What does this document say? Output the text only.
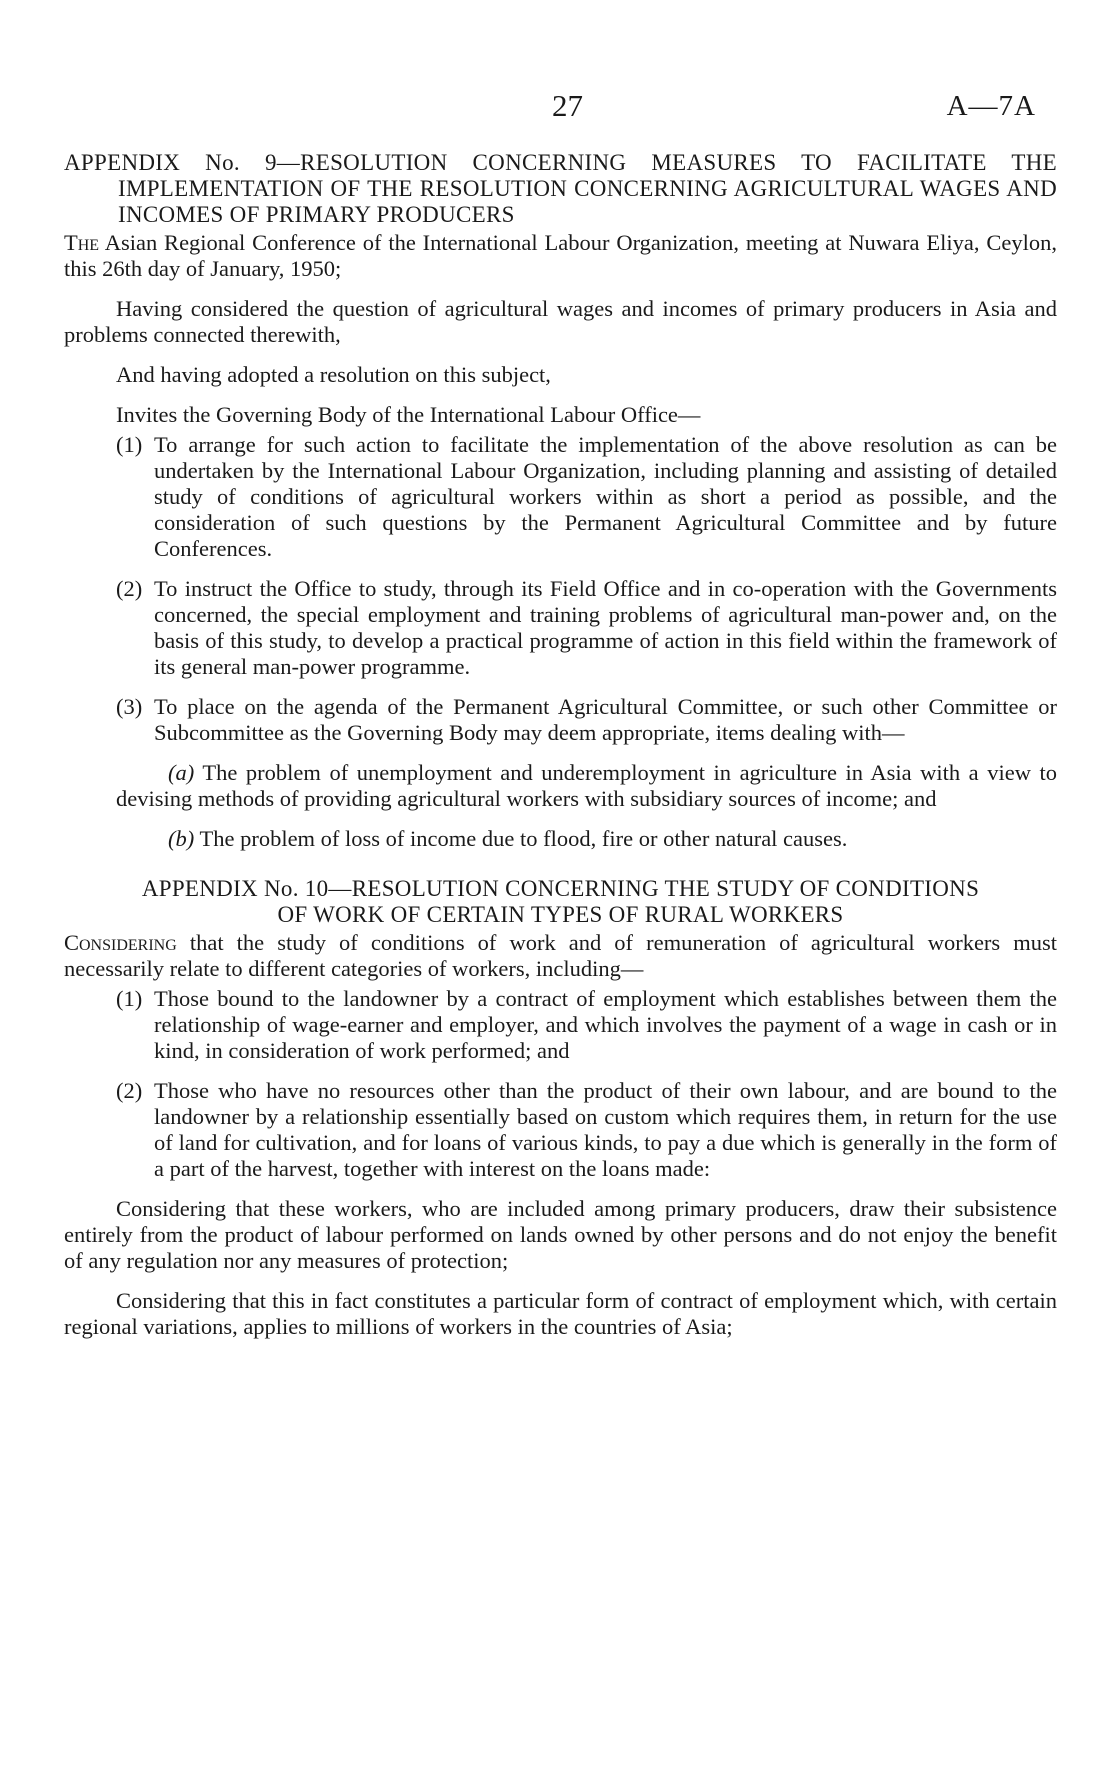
27	A—7A
APPENDIX No. 9—RESOLUTION CONCERNING MEASURES TO FACILITATE THE IMPLEMENTATION OF THE RESOLUTION CONCERNING AGRICULTURAL WAGES AND INCOMES OF PRIMARY PRODUCERS

The Asian Regional Conference of the International Labour Organization, meeting at Nuwara Eliya, Ceylon, this 26th day of January, 1950;

Having considered the question of agricultural wages and incomes of primary producers in Asia and problems connected therewith,

And having adopted a resolution on this subject,

Invites the Governing Body of the International Labour Office—

(1) To arrange for such action to facilitate the implementation of the above resolution as can be undertaken by the International Labour Organization, including planning and assisting of detailed study of conditions of agricultural workers within as short a period as possible, and the consideration of such questions by the Permanent Agricultural Committee and by future Conferences.
(2) To instruct the Office to study, through its Field Office and in co-operation with the Governments concerned, the special employment and training problems of agricultural man-power and, on the basis of this study, to develop a practical programme of action in this field within the framework of its general man-power programme.
(3) To place on the agenda of the Permanent Agricultural Committee, or such other Committee or Subcommittee as the Governing Body may deem appropriate, items dealing with—

(a) The problem of unemployment and underemployment in agriculture in Asia with a view to devising methods of providing agricultural workers with subsidiary sources of income; and

(b) The problem of loss of income due to flood, fire or other natural causes.

APPENDIX No. 10—RESOLUTION CONCERNING THE STUDY OF CONDITIONS
OF WORK OF CERTAIN TYPES OF RURAL WORKERS

Considering that the study of conditions of work and of remuneration of agricultural workers must necessarily relate to different categories of workers, including—

(1) Those bound to the landowner by a contract of employment which establishes between them the relationship of wage-earner and employer, and which involves the payment of a wage in cash or in kind, in consideration of work performed; and
(2) Those who have no resources other than the product of their own labour, and are bound to the landowner by a relationship essentially based on custom which requires them, in return for the use of land for cultivation, and for loans of various kinds, to pay a due which is generally in the form of a part of the harvest, together with interest on the loans made:

Considering that these workers, who are included among primary producers, draw their subsistence entirely from the product of labour performed on lands owned by other persons and do not enjoy the benefit of any regulation nor any measures of protection;

Considering that this in fact constitutes a particular form of contract of employment which, with certain regional variations, applies to millions of workers in the countries of Asia;
